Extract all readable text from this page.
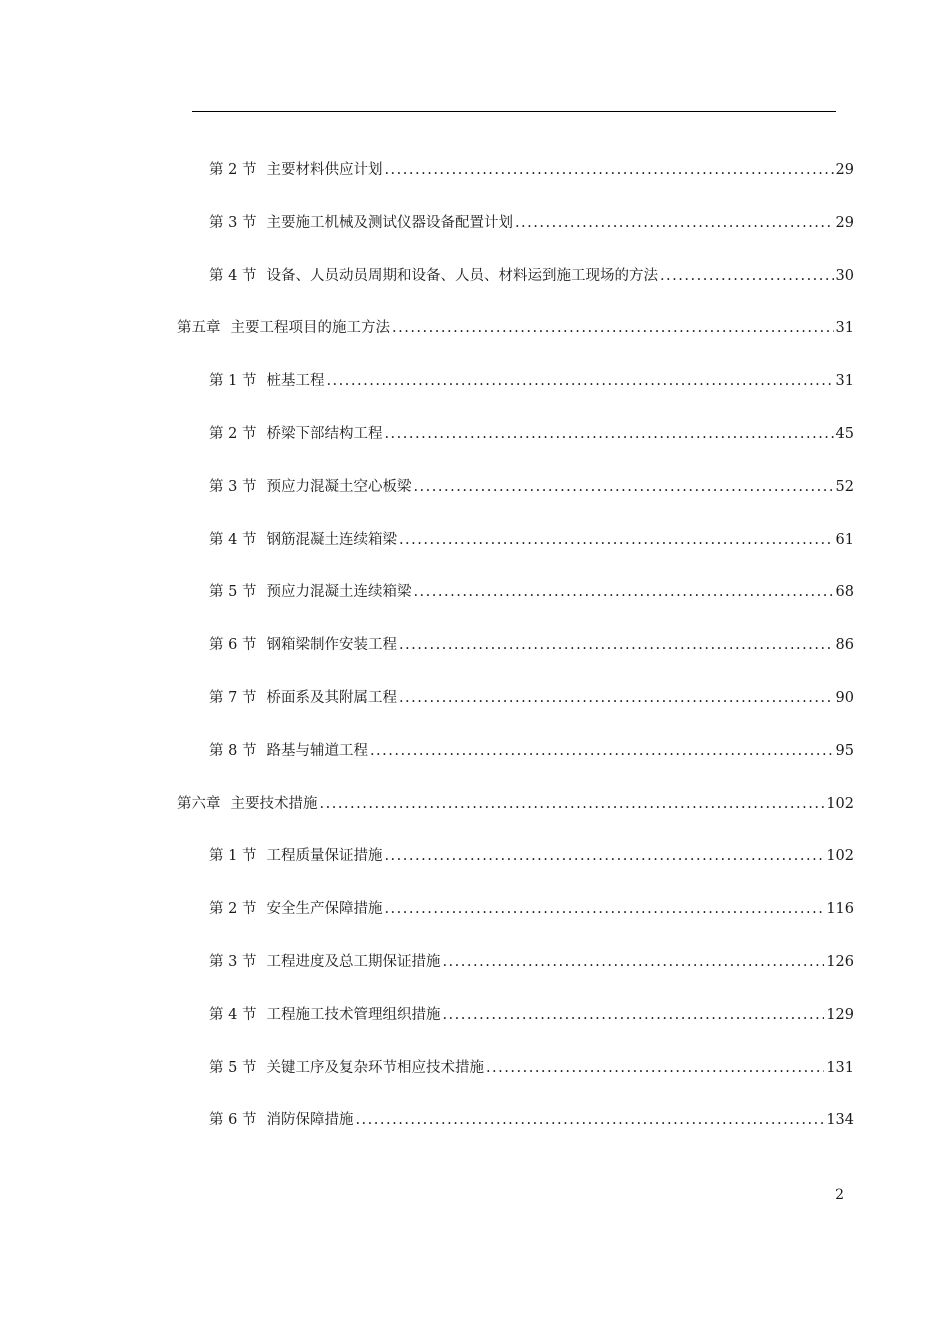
第 2 节 主要材料供应计划 .....	29
第 3 节 主要施工机械及测试仪器设备配置计划 .....	29
第 4 节 设备、人员动员周期和设备、人员、材料运到施工现场的方法 .....	30
第五章 主要工程项目的施工方法 .....	31
第 1 节 桩基工程 .....	31
第 2 节 桥梁下部结构工程 .....	45
第 3 节 预应力混凝土空心板梁 .....	52
第 4 节 钢筋混凝土连续箱梁 .....	61
第 5 节 预应力混凝土连续箱梁 .....	68
第 6 节 钢箱梁制作安装工程 .....	86
第 7 节 桥面系及其附属工程 .....	90
第 8 节 路基与辅道工程 .....	95
第六章 主要技术措施 .....	102
第 1 节 工程质量保证措施 .....	102
第 2 节 安全生产保障措施 .....	116
第 3 节 工程进度及总工期保证措施 .....	126
第 4 节 工程施工技术管理组织措施 .....	129
第 5 节 关键工序及复杂环节相应技术措施 .....	131
第 6 节 消防保障措施 .....	134
2
